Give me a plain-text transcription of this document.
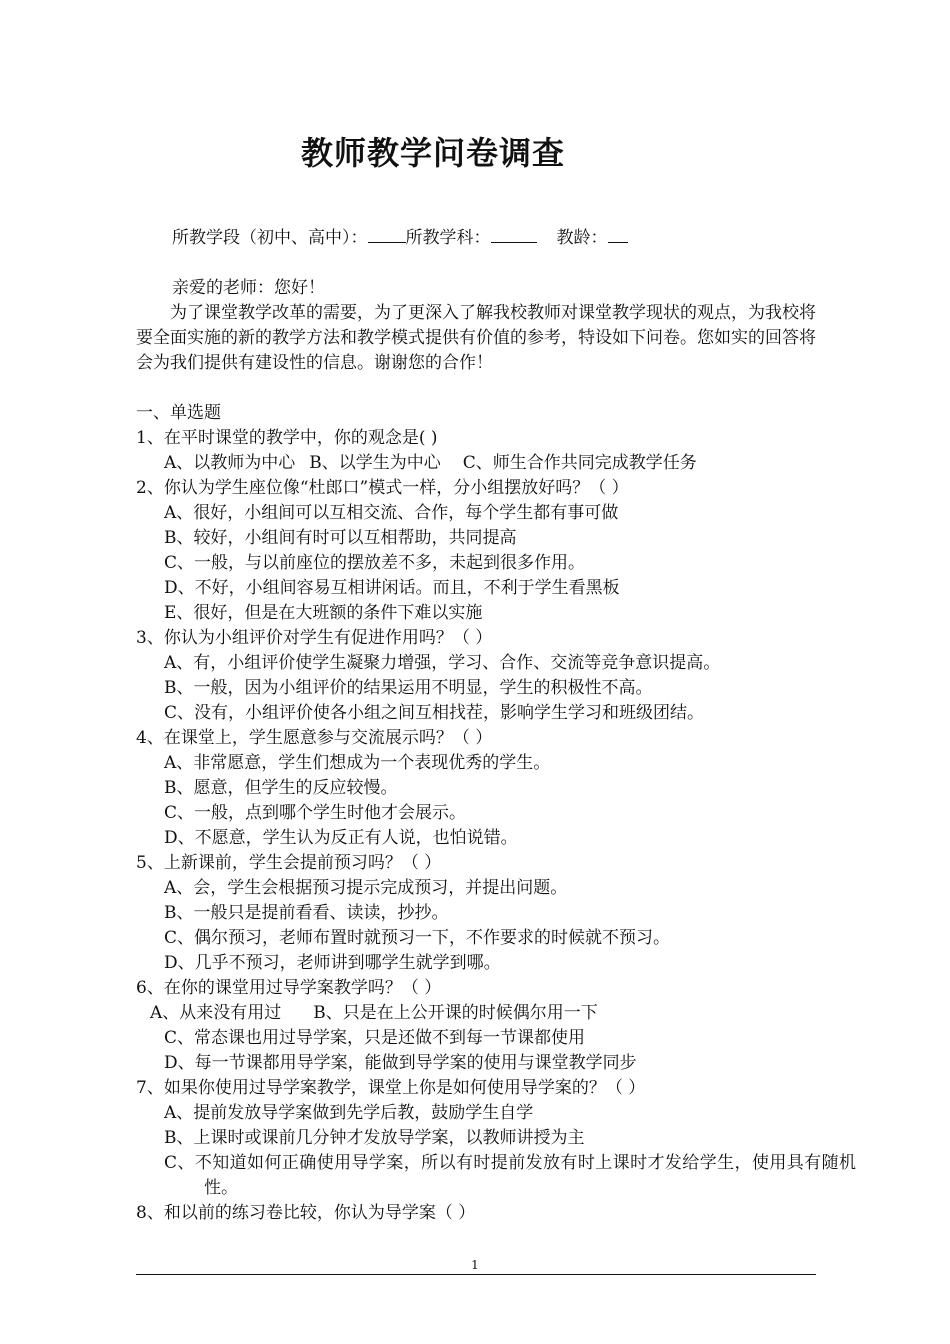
教师教学问卷调查
所教学段（初中、高中）： 所教学科：	教龄：
亲爱的老师：您好！
为了课堂教学改革的需要，为了更深入了解我校教师对课堂教学现状的观点，为我校将要全面实施的新的教学方法和教学模式提供有价值的参考，特设如下问卷。您如实的回答将会为我们提供有建设性的信息。谢谢您的合作！
一、单选题
1、在平时课堂的教学中，你的观念是( )
A、以教师为中心 B、以学生为中心 C、师生合作共同完成教学任务
2、你认为学生座位像“杜郎口”模式一样，分小组摆放好吗？（ ）
A、很好，小组间可以互相交流、合作，每个学生都有事可做
B、较好，小组间有时可以互相帮助，共同提高
C、一般，与以前座位的摆放差不多，未起到很多作用。
D、不好，小组间容易互相讲闲话。而且，不利于学生看黑板
E、很好，但是在大班额的条件下难以实施
3、你认为小组评价对学生有促进作用吗？（ ）
A、有，小组评价使学生凝聚力增强，学习、合作、交流等竞争意识提高。
B、一般，因为小组评价的结果运用不明显，学生的积极性不高。
C、没有，小组评价使各小组之间互相找茬，影响学生学习和班级团结。
4、在课堂上，学生愿意参与交流展示吗？（ ）
A、非常愿意，学生们想成为一个表现优秀的学生。
B、愿意，但学生的反应较慢。
C、一般，点到哪个学生时他才会展示。
D、不愿意，学生认为反正有人说，也怕说错。
5、上新课前，学生会提前预习吗？（ ）
A、会，学生会根据预习提示完成预习，并提出问题。
B、一般只是提前看看、读读，抄抄。
C、偶尔预习，老师布置时就预习一下，不作要求的时候就不预习。
D、几乎不预习，老师讲到哪学生就学到哪。
6、在你的课堂用过导学案教学吗？（ ）
A、从来没有用过 B、只是在上公开课的时候偶尔用一下
C、常态课也用过导学案，只是还做不到每一节课都使用
D、每一节课都用导学案，能做到导学案的使用与课堂教学同步
7、如果你使用过导学案教学，课堂上你是如何使用导学案的？（ ）
A、提前发放导学案做到先学后教，鼓励学生自学
B、上课时或课前几分钟才发放导学案，以教师讲授为主
C、不知道如何正确使用导学案，所以有时提前发放有时上课时才发给学生，使用具有随机性。
8、和以前的练习卷比较，你认为导学案（ ）
1
